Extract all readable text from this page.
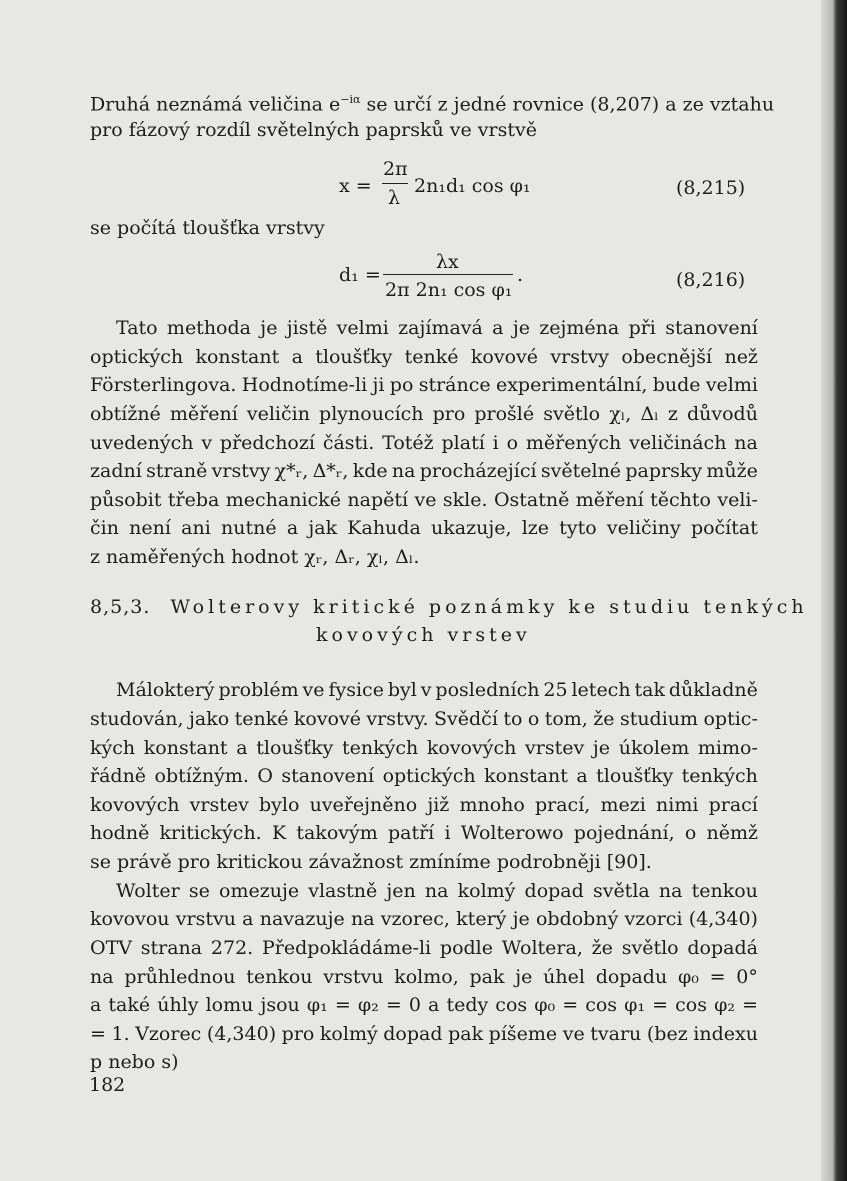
Druhá neznámá veličina $e^{-i\alpha}$ se určí z jedné rovnice (8,207) a ze vztahu
pro fázový rozdíl světelných paprsků ve vrstvě
x =
2π
λ
2n₁d₁ cos φ₁	(8,215)
se počítá tloušťka vrstvy
d₁ =
λx
2π 2n₁ cos φ₁
.	(8,216)
Tato methoda je jistě velmi zajímavá a je zejména při stanovení
optických konstant a tloušťky tenké kovové vrstvy obecnější než
Försterlingova. Hodnotíme-li ji po stránce experimentální, bude velmi
obtížné měření veličin plynoucích pro prošlé světlo χₗ, Δₗ z důvodů
uvedených v předchozí části. Totéž platí i o měřených veličinách na
zadní straně vrstvy χ*ᵣ, Δ*ᵣ, kde na procházející světelné paprsky může
působit třeba mechanické napětí ve skle. Ostatně měření těchto veli-
čin není ani nutné a jak Kahuda ukazuje, lze tyto veličiny počítat
z naměřených hodnot χᵣ, Δᵣ, χₗ, Δₗ.
8,5,3. Wolterovy kritické poznámky ke studiu tenkých
kovových vrstev
Málokterý problém ve fysice byl v posledních 25 letech tak důkladně
studován, jako tenké kovové vrstvy. Svědčí to o tom, že studium optic-
kých konstant a tloušťky tenkých kovových vrstev je úkolem mimo-
řádně obtížným. O stanovení optických konstant a tloušťky tenkých
kovových vrstev bylo uveřejněno již mnoho prací, mezi nimi prací
hodně kritických. K takovým patří i Wolterowo pojednání, o němž
se právě pro kritickou závažnost zmíníme podrobněji [90].
Wolter se omezuje vlastně jen na kolmý dopad světla na tenkou
kovovou vrstvu a navazuje na vzorec, který je obdobný vzorci (4,340)
OTV strana 272. Předpokládáme-li podle Woltera, že světlo dopadá
na průhlednou tenkou vrstvu kolmo, pak je úhel dopadu φ₀ = 0°
a také úhly lomu jsou φ₁ = φ₂ = 0 a tedy cos φ₀ = cos φ₁ = cos φ₂ =
= 1. Vzorec (4,340) pro kolmý dopad pak píšeme ve tvaru (bez indexu
p nebo s)
182
